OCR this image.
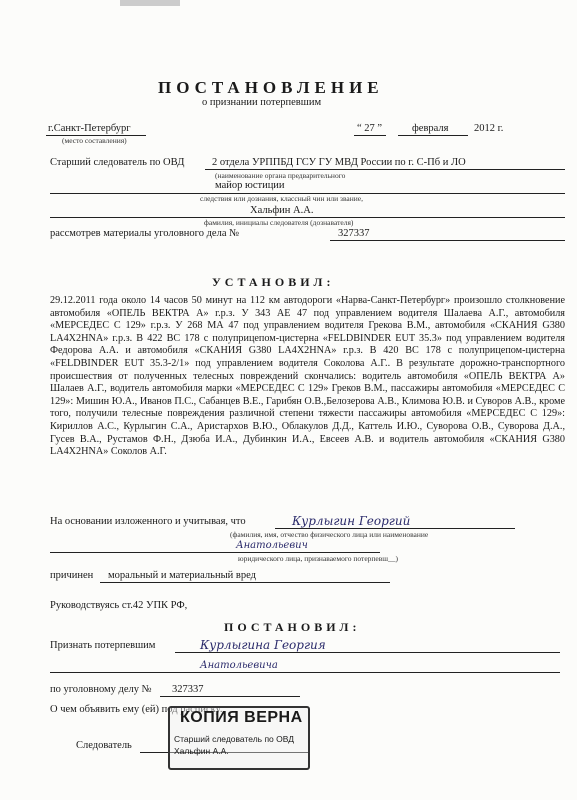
ПОСТАНОВЛЕНИЕ
о признании потерпевшим
г.Санкт-Петербург
(место составления)
“ 27 ”	февраля 2012 г.
Старший следователь по ОВД	2 отдела УРППБД ГСУ ГУ МВД России по г. С-Пб и ЛО
(наименование органа предварительного
майор юстиции
следствия или дознания, классный чин или звание,
Хальфин А.А.
фамилия, инициалы следователя (дознавателя)
рассмотрев материалы уголовного дела №	327337
УСТАНОВИЛ:
29.12.2011 года около 14 часов 50 минут на 112 км автодороги «Нарва-Санкт-Петербург» произошло столкновение автомобиля «ОПЕЛЬ ВЕКТРА А» г.р.з. У 343 АЕ 47 под управлением водителя Шалаева А.Г., автомобиля «МЕРСЕДЕС С 129» г.р.з. У 268 МА 47 под управлением водителя Грекова В.М., автомобиля «СКАНИЯ G380 LA4X2HNA» г.р.з. В 422 ВС 178 с полуприцепом-цистерна «FELDBINDER EUT 35.3» под управлением водителя Федорова А.А. и автомобиля «СКАНИЯ G380 LA4X2HNA» г.р.з. В 420 ВС 178 с полуприцепом-цистерна «FELDBINDER EUT 35.3-2/1» под управлением водителя Соколова А.Г.. В результате дорожно-транспортного происшествия от полученных телесных повреждений скончались: водитель автомобиля «ОПЕЛЬ ВЕКТРА А» Шалаев А.Г., водитель автомобиля марки «МЕРСЕДЕС С 129» Греков В.М., пассажиры автомобиля «МЕРСЕДЕС С 129»: Мишин Ю.А., Иванов П.С., Сабанцев В.Е., Гарибян О.В.,Белозерова А.В., Климова Ю.В. и Суворов А.В., кроме того, получили телесные повреждения различной степени тяжести пассажиры автомобиля «МЕРСЕДЕС С 129»: Кириллов А.С., Курлыгин С.А., Аристархов В.Ю., Облакулов Д.Д., Каттель И.Ю., Суворова О.В., Суворова Д.А., Гусев В.А., Рустамов Ф.Н., Дзюба И.А., Дубинкин И.А., Евсеев А.В. и водитель автомобиля «СКАНИЯ G380 LA4X2HNA» Соколов А.Г.
На основании изложенного и учитывая, что	Курлыгин Георгий
(фамилия, имя, отчество физического лица или наименование
Анатольевич
юридического лица, признаваемого потерпевш__)
причинен моральный и материальный вред
Руководствуясь ст.42 УПК РФ,
ПОСТАНОВИЛ:
Признать потерпевшим	Курлыгина Георгия
Анатольевича
по уголовному делу № 327337
О чем объявить ему (ей) под расписку.
Следователь
КОПИЯ ВЕРНА
Старший следователь по ОВД
Хальфин А.А.
